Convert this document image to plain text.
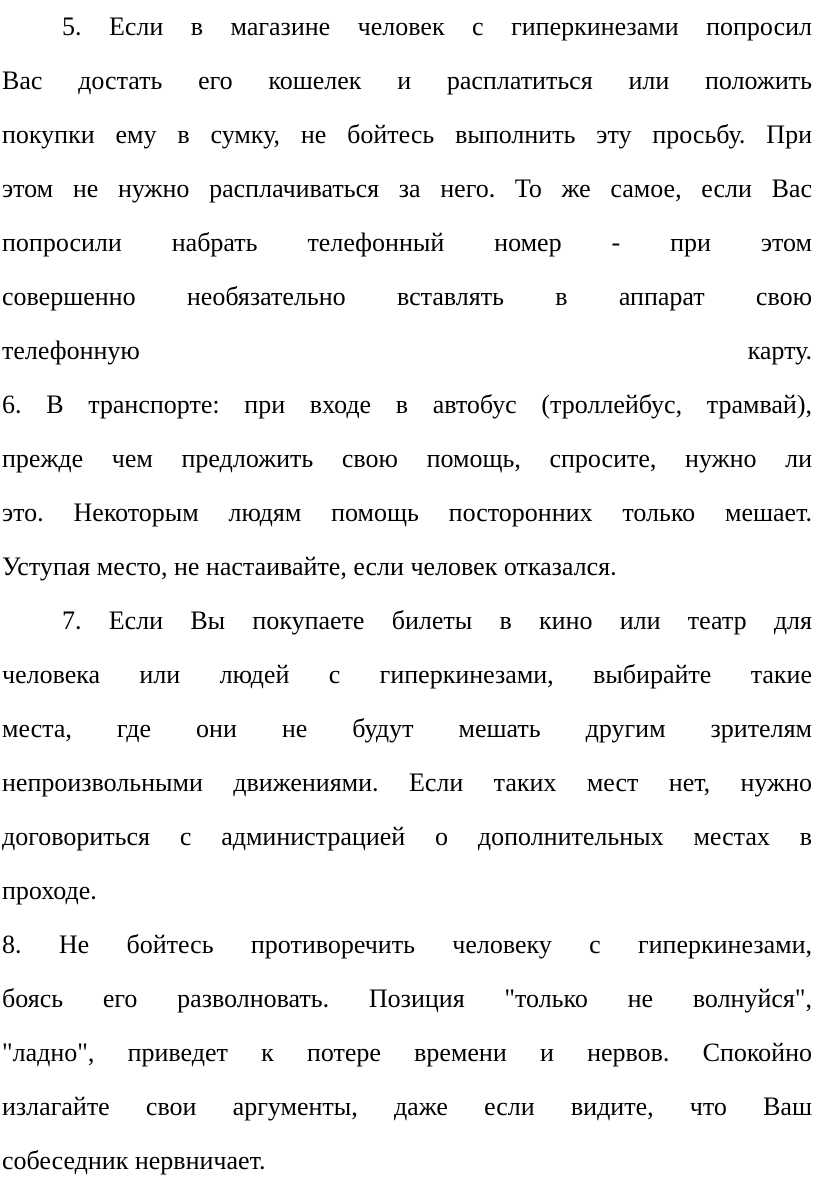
5. Если в магазине человек с гиперкинезами попросил
Вас достать его кошелек и расплатиться или положить
покупки ему в сумку, не бойтесь выполнить эту просьбу. При
этом не нужно расплачиваться за него. То же самое, если Вас
попросили набрать телефонный номер - при этом
совершенно необязательно вставлять в аппарат свою
телефонную карту.
6. В транспорте: при входе в автобус (троллейбус, трамвай),
прежде чем предложить свою помощь, спросите, нужно ли
это. Некоторым людям помощь посторонних только мешает.
Уступая место, не настаивайте, если человек отказался.
7. Если Вы покупаете билеты в кино или театр для
человека или людей с гиперкинезами, выбирайте такие
места, где они не будут мешать другим зрителям
непроизвольными движениями. Если таких мест нет, нужно
договориться с администрацией о дополнительных местах в
проходе.
8. Не бойтесь противоречить человеку с гиперкинезами,
боясь его разволновать. Позиция "только не волнуйся",
"ладно", приведет к потере времени и нервов. Спокойно
излагайте свои аргументы, даже если видите, что Ваш
собеседник нервничает.
